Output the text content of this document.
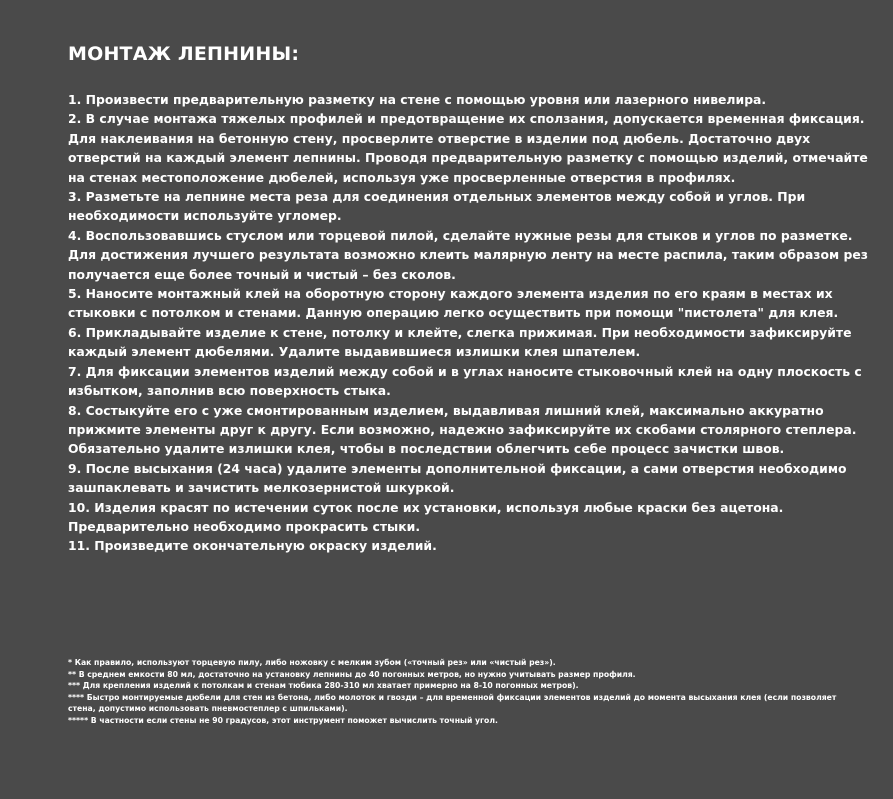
МОНТАЖ ЛЕПНИНЫ:
1. Произвести предварительную разметку на стене с помощью уровня или лазерного нивелира.
2. В случае монтажа тяжелых профилей и предотвращение их сползания, допускается временная фиксация. Для наклеивания на бетонную стену, просверлите отверстие в изделии под дюбель. Достаточно двух отверстий на каждый элемент лепнины. Проводя предварительную разметку с помощью изделий, отмечайте на стенах местоположение дюбелей, используя уже просверленные отверстия в профилях.
3. Разметьте на лепнине места реза для соединения отдельных элементов между собой и углов. При необходимости используйте угломер.
4. Воспользовавшись стуслом или торцевой пилой, сделайте нужные резы для стыков и углов по разметке. Для достижения лучшего результата возможно клеить малярную ленту на месте распила, таким образом рез получается еще более точный и чистый – без сколов.
5. Наносите монтажный клей на оборотную сторону каждого элемента изделия по его краям в местах их стыковки с потолком и стенами. Данную операцию легко осуществить при помощи "пистолета" для клея.
6. Прикладывайте изделие к стене, потолку и клейте, слегка прижимая. При необходимости зафиксируйте каждый элемент дюбелями. Удалите выдавившиеся излишки клея шпателем.
7. Для фиксации элементов изделий между собой и в углах наносите стыковочный клей на одну плоскость с избытком, заполнив всю поверхность стыка.
8. Состыкуйте его с уже смонтированным изделием, выдавливая лишний клей, максимально аккуратно прижмите элементы друг к другу. Если возможно, надежно зафиксируйте их скобами столярного степлера. Обязательно удалите излишки клея, чтобы в последствии облегчить себе процесс зачистки швов.
9. После высыхания (24 часа) удалите элементы дополнительной фиксации, а сами отверстия необходимо зашпаклевать и зачистить мелкозернистой шкуркой.
10. Изделия красят по истечении суток после их установки, используя любые краски без ацетона. Предварительно необходимо прокрасить стыки.
11. Произведите окончательную окраску изделий.
* Как правило, используют торцевую пилу, либо ножовку с мелким зубом («точный рез» или «чистый рез»).
** В среднем емкости 80 мл, достаточно на установку лепнины до 40 погонных метров, но нужно учитывать размер профиля.
*** Для крепления изделий к потолкам и стенам тюбика 280-310 мл хватает примерно на 8-10 погонных метров).
**** Быстро монтируемые дюбели для стен из бетона, либо молоток и гвозди – для временной фиксации элементов изделий до момента высыхания клея (если позволяет стена, допустимо использовать пневмостеплер с шпильками).
***** В частности если стены не 90 градусов, этот инструмент поможет вычислить точный угол.
